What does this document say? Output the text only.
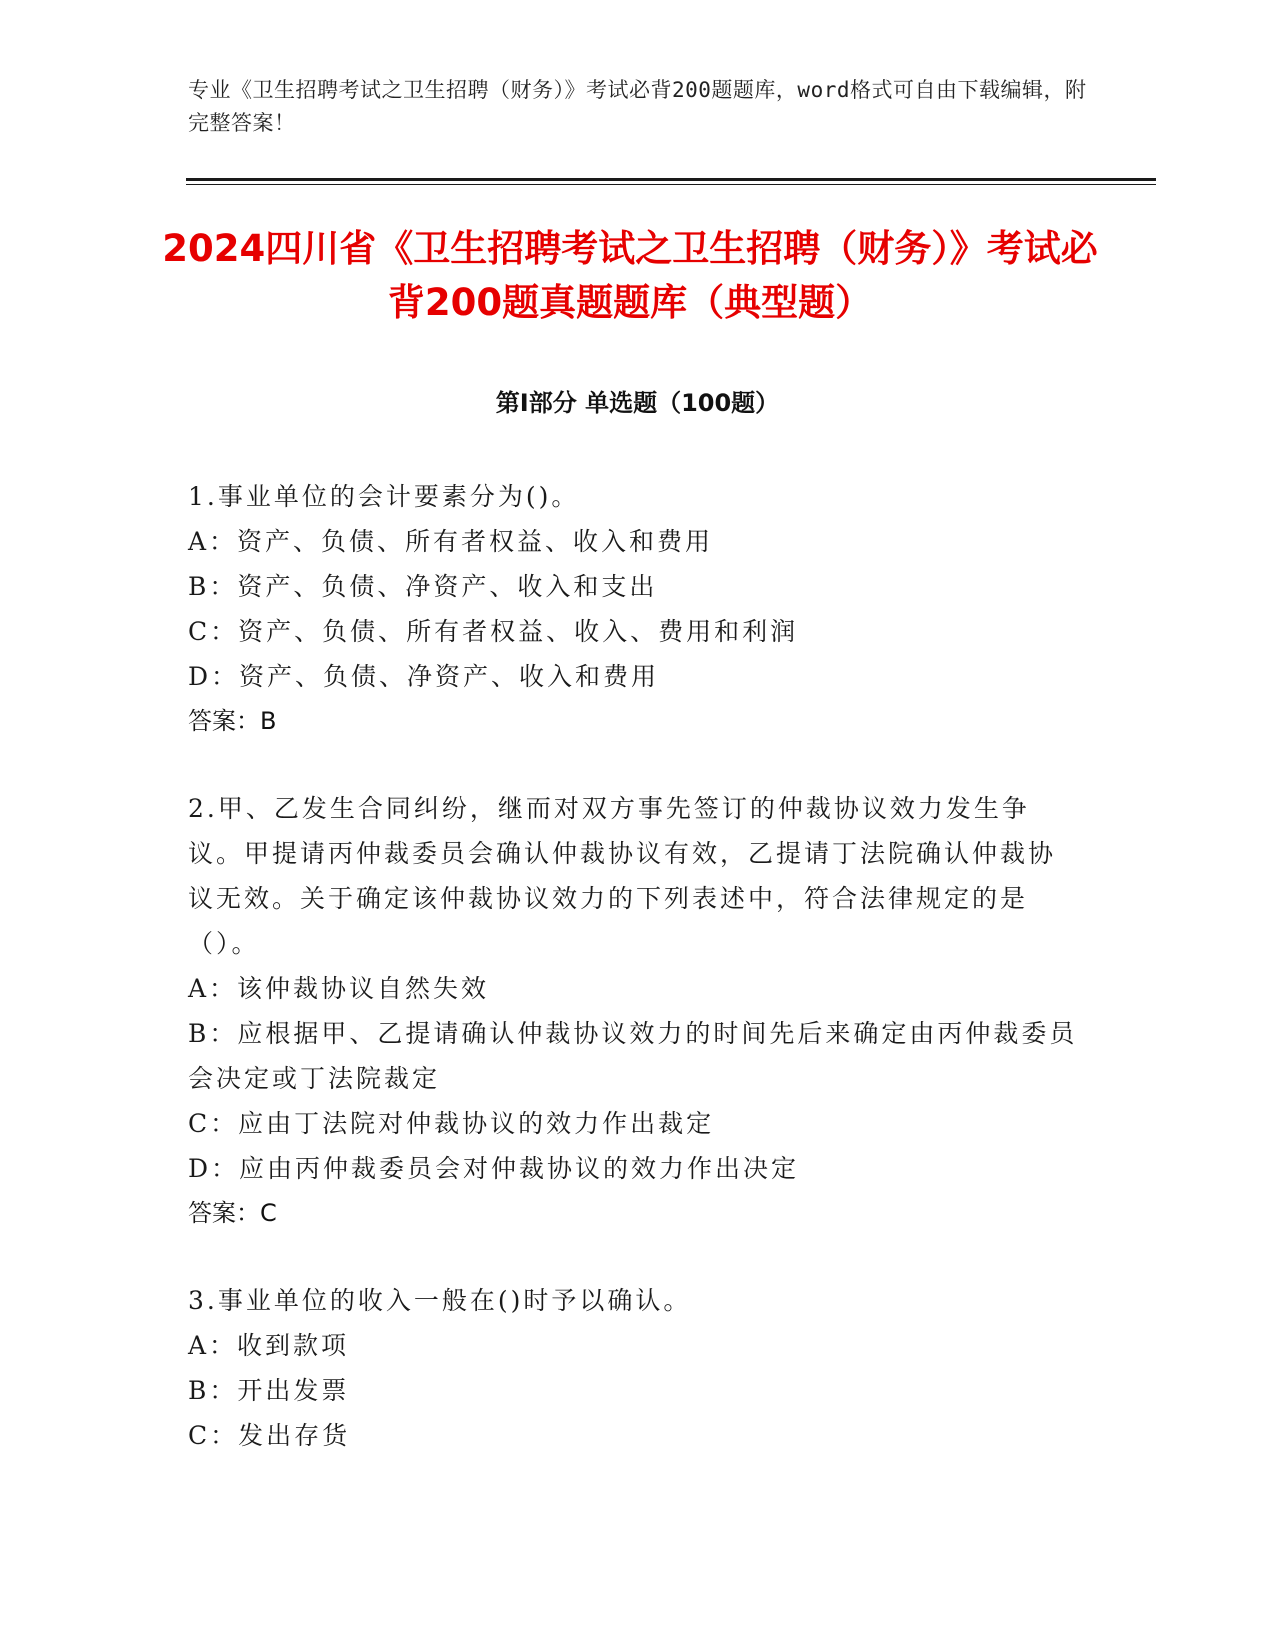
专业《卫生招聘考试之卫生招聘（财务）》考试必背200题题库，word格式可自由下载编辑，附完整答案！
2024四川省《卫生招聘考试之卫生招聘（财务）》考试必背200题真题题库（典型题）
第I部分 单选题（100题）
1.事业单位的会计要素分为()。
A：资产、负债、所有者权益、收入和费用
B：资产、负债、净资产、收入和支出
C：资产、负债、所有者权益、收入、费用和利润
D：资产、负债、净资产、收入和费用
答案：B
2.甲、乙发生合同纠纷，继而对双方事先签订的仲裁协议效力发生争议。甲提请丙仲裁委员会确认仲裁协议有效，乙提请丁法院确认仲裁协议无效。关于确定该仲裁协议效力的下列表述中，符合法律规定的是（）。
A：该仲裁协议自然失效
B：应根据甲、乙提请确认仲裁协议效力的时间先后来确定由丙仲裁委员会决定或丁法院裁定
C：应由丁法院对仲裁协议的效力作出裁定
D：应由丙仲裁委员会对仲裁协议的效力作出决定
答案：C
3.事业单位的收入一般在()时予以确认。
A：收到款项
B：开出发票
C：发出存货
